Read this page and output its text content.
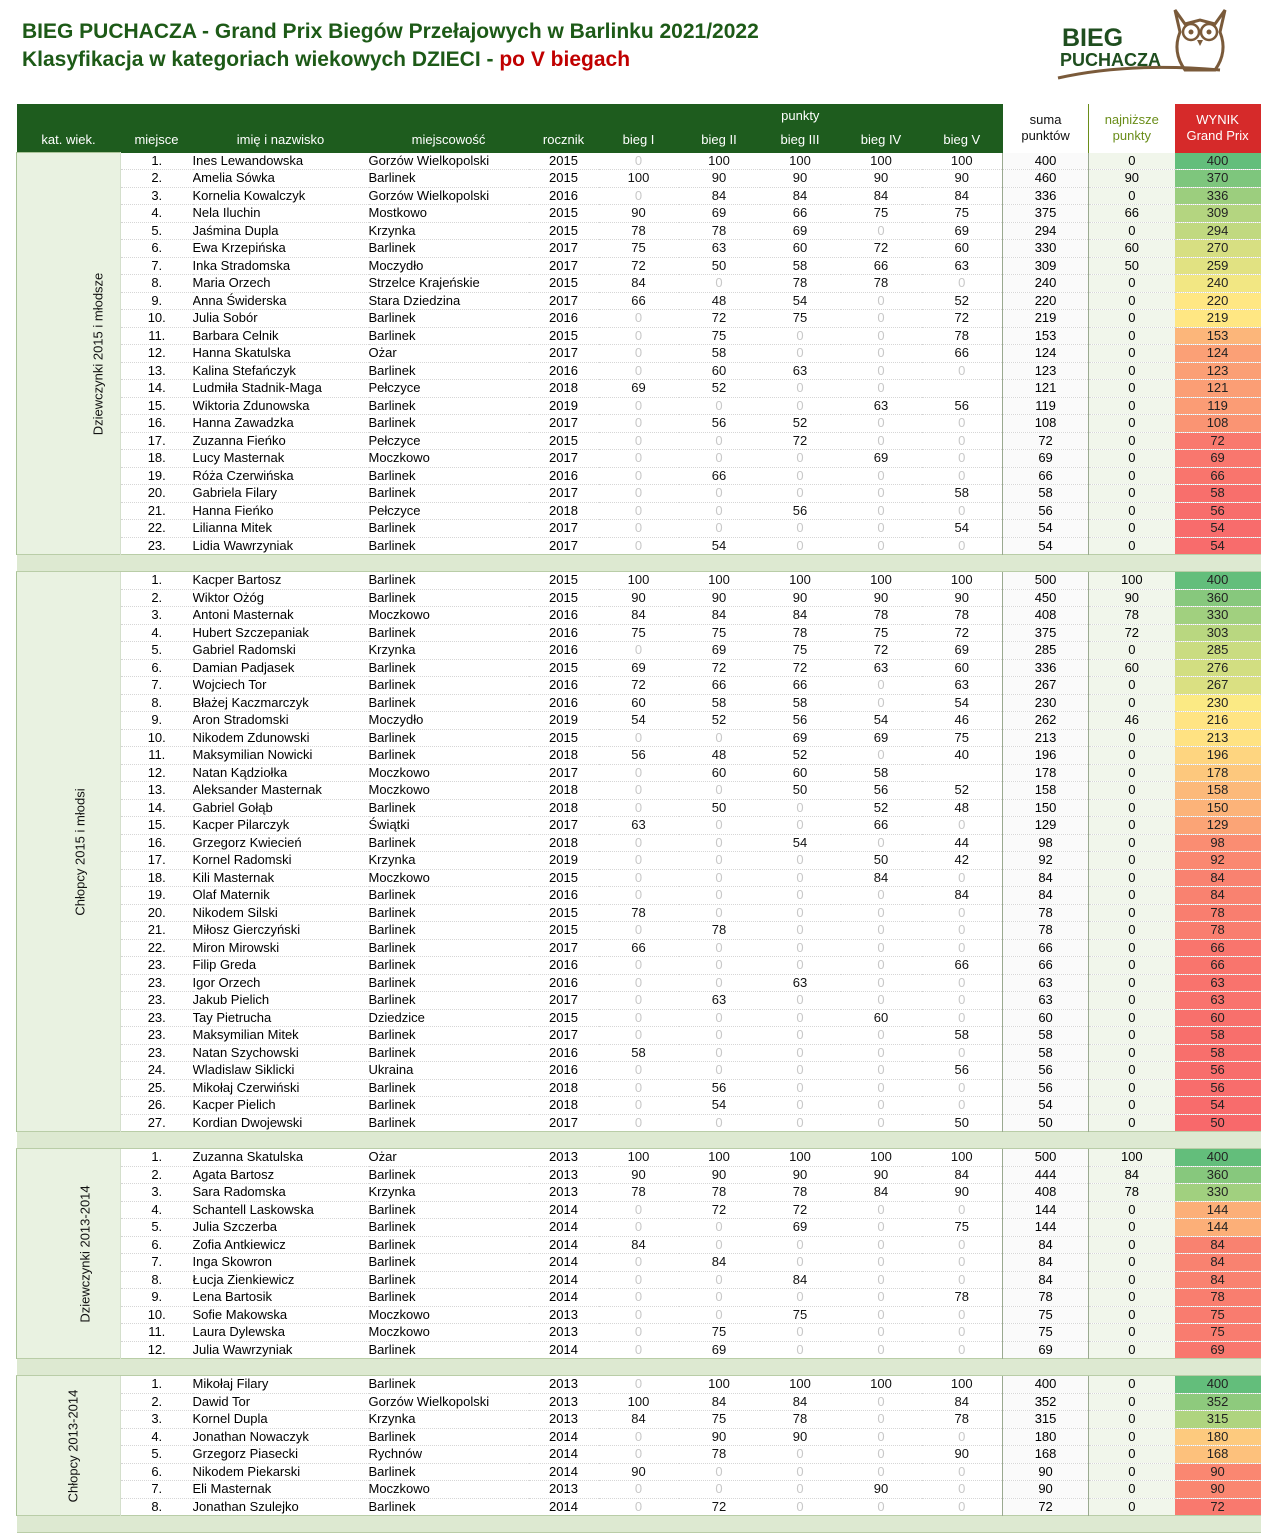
BIEG PUCHACZA - Grand Prix Biegów Przełajowych w Barlinku 2021/2022
Klasyfikacja w kategoriach wiekowych DZIECI - po V biegach
BIEG
PUCHACZA
					punkty					suma
punktów	najniższe
punkty	WYNIK
Grand Prix
kat. wiek.	miejsce	imię i nazwisko	miejscowość	rocznik	bieg I	bieg II	bieg III	bieg IV	bieg V			
Dziewczynki 2015 i młodsze	1.	Ines Lewandowska	Gorzów Wielkopolski	2015	0	100	100	100	100	400	0	400
	2.	Amelia Sówka	Barlinek	2015	100	90	90	90	90	460	90	370
	3.	Kornelia Kowalczyk	Gorzów Wielkopolski	2016	0	84	84	84	84	336	0	336
	4.	Nela Iluchin	Mostkowo	2015	90	69	66	75	75	375	66	309
	5.	Jaśmina Dupla	Krzynka	2015	78	78	69	0	69	294	0	294
	6.	Ewa Krzepińska	Barlinek	2017	75	63	60	72	60	330	60	270
	7.	Inka Stradomska	Moczydło	2017	72	50	58	66	63	309	50	259
	8.	Maria Orzech	Strzelce Krajeńskie	2015	84	0	78	78	0	240	0	240
	9.	Anna Świderska	Stara Dziedzina	2017	66	48	54	0	52	220	0	220
	10.	Julia Sobór	Barlinek	2016	0	72	75	0	72	219	0	219
	11.	Barbara Celnik	Barlinek	2015	0	75	0	0	78	153	0	153
	12.	Hanna Skatulska	Ożar	2017	0	58	0	0	66	124	0	124
	13.	Kalina Stefańczyk	Barlinek	2016	0	60	63	0	0	123	0	123
	14.	Ludmiła Stadnik-Maga	Pełczyce	2018	69	52	0	0		121	0	121
	15.	Wiktoria Zdunowska	Barlinek	2019	0	0	0	63	56	119	0	119
	16.	Hanna Zawadzka	Barlinek	2017	0	56	52	0	0	108	0	108
	17.	Zuzanna Fieńko	Pełczyce	2015	0	0	72	0	0	72	0	72
	18.	Lucy Masternak	Moczkowo	2017	0	0	0	69	0	69	0	69
	19.	Róża Czerwińska	Barlinek	2016	0	66	0	0	0	66	0	66
	20.	Gabriela Filary	Barlinek	2017	0	0	0	0	58	58	0	58
	21.	Hanna Fieńko	Pełczyce	2018	0	0	56	0	0	56	0	56
	22.	Lilianna Mitek	Barlinek	2017	0	0	0	0	54	54	0	54
	23.	Lidia Wawrzyniak	Barlinek	2017	0	54	0	0	0	54	0	54

Chłopcy 2015 i młodsi	1.	Kacper Bartosz	Barlinek	2015	100	100	100	100	100	500	100	400
	2.	Wiktor Ożóg	Barlinek	2015	90	90	90	90	90	450	90	360
	3.	Antoni Masternak	Moczkowo	2016	84	84	84	78	78	408	78	330
	4.	Hubert Szczepaniak	Barlinek	2016	75	75	78	75	72	375	72	303
	5.	Gabriel Radomski	Krzynka	2016	0	69	75	72	69	285	0	285
	6.	Damian Padjasek	Barlinek	2015	69	72	72	63	60	336	60	276
	7.	Wojciech Tor	Barlinek	2016	72	66	66	0	63	267	0	267
	8.	Błażej Kaczmarczyk	Barlinek	2016	60	58	58	0	54	230	0	230
	9.	Aron Stradomski	Moczydło	2019	54	52	56	54	46	262	46	216
	10.	Nikodem Zdunowski	Barlinek	2015	0	0	69	69	75	213	0	213
	11.	Maksymilian Nowicki	Barlinek	2018	56	48	52	0	40	196	0	196
	12.	Natan Kądziołka	Moczkowo	2017	0	60	60	58		178	0	178
	13.	Aleksander Masternak	Moczkowo	2018	0	0	50	56	52	158	0	158
	14.	Gabriel Gołąb	Barlinek	2018	0	50	0	52	48	150	0	150
	15.	Kacper Pilarczyk	Świątki	2017	63	0	0	66	0	129	0	129
	16.	Grzegorz Kwiecień	Barlinek	2018	0	0	54	0	44	98	0	98
	17.	Kornel Radomski	Krzynka	2019	0	0	0	50	42	92	0	92
	18.	Kili Masternak	Moczkowo	2015	0	0	0	84	0	84	0	84
	19.	Olaf Maternik	Barlinek	2016	0	0	0	0	84	84	0	84
	20.	Nikodem Silski	Barlinek	2015	78	0	0	0	0	78	0	78
	21.	Miłosz Gierczyński	Barlinek	2015	0	78	0	0	0	78	0	78
	22.	Miron Mirowski	Barlinek	2017	66	0	0	0	0	66	0	66
	23.	Filip Greda	Barlinek	2016	0	0	0	0	66	66	0	66
	23.	Igor Orzech	Barlinek	2016	0	0	63	0	0	63	0	63
	23.	Jakub Pielich	Barlinek	2017	0	63	0	0	0	63	0	63
	23.	Tay Pietrucha	Dziedzice	2015	0	0	0	60	0	60	0	60
	23.	Maksymilian Mitek	Barlinek	2017	0	0	0	0	58	58	0	58
	23.	Natan Szychowski	Barlinek	2016	58	0	0	0	0	58	0	58
	24.	Wladislaw Siklicki	Ukraina	2016	0	0	0	0	56	56	0	56
	25.	Mikołaj Czerwiński	Barlinek	2018	0	56	0	0	0	56	0	56
	26.	Kacper Pielich	Barlinek	2018	0	54	0	0	0	54	0	54
	27.	Kordian Dwojewski	Barlinek	2017	0	0	0	0	50	50	0	50

Dziewczynki 2013-2014	1.	Zuzanna Skatulska	Ożar	2013	100	100	100	100	100	500	100	400
	2.	Agata Bartosz	Barlinek	2013	90	90	90	90	84	444	84	360
	3.	Sara Radomska	Krzynka	2013	78	78	78	84	90	408	78	330
	4.	Schantell Laskowska	Barlinek	2014	0	72	72	0	0	144	0	144
	5.	Julia Szczerba	Barlinek	2014	0	0	69	0	75	144	0	144
	6.	Zofia Antkiewicz	Barlinek	2014	84	0	0	0	0	84	0	84
	7.	Inga Skowron	Barlinek	2014	0	84	0	0	0	84	0	84
	8.	Łucja Zienkiewicz	Barlinek	2014	0	0	84	0	0	84	0	84
	9.	Lena Bartosik	Barlinek	2014	0	0	0	0	78	78	0	78
	10.	Sofie Makowska	Moczkowo	2013	0	0	75	0	0	75	0	75
	11.	Laura Dylewska	Moczkowo	2013	0	75	0	0	0	75	0	75
	12.	Julia Wawrzyniak	Barlinek	2014	0	69	0	0	0	69	0	69

Chłopcy 2013-2014	1.	Mikołaj Filary	Barlinek	2013	0	100	100	100	100	400	0	400
	2.	Dawid Tor	Gorzów Wielkopolski	2013	100	84	84	0	84	352	0	352
	3.	Kornel Dupla	Krzynka	2013	84	75	78	0	78	315	0	315
	4.	Jonathan Nowaczyk	Barlinek	2014	0	90	90	0	0	180	0	180
	5.	Grzegorz Piasecki	Rychnów	2014	0	78	0	0	90	168	0	168
	6.	Nikodem Piekarski	Barlinek	2014	90	0	0	0	0	90	0	90
	7.	Eli Masternak	Moczkowo	2013	0	0	0	90	0	90	0	90
	8.	Jonathan Szulejko	Barlinek	2014	0	72	0	0	0	72	0	72
